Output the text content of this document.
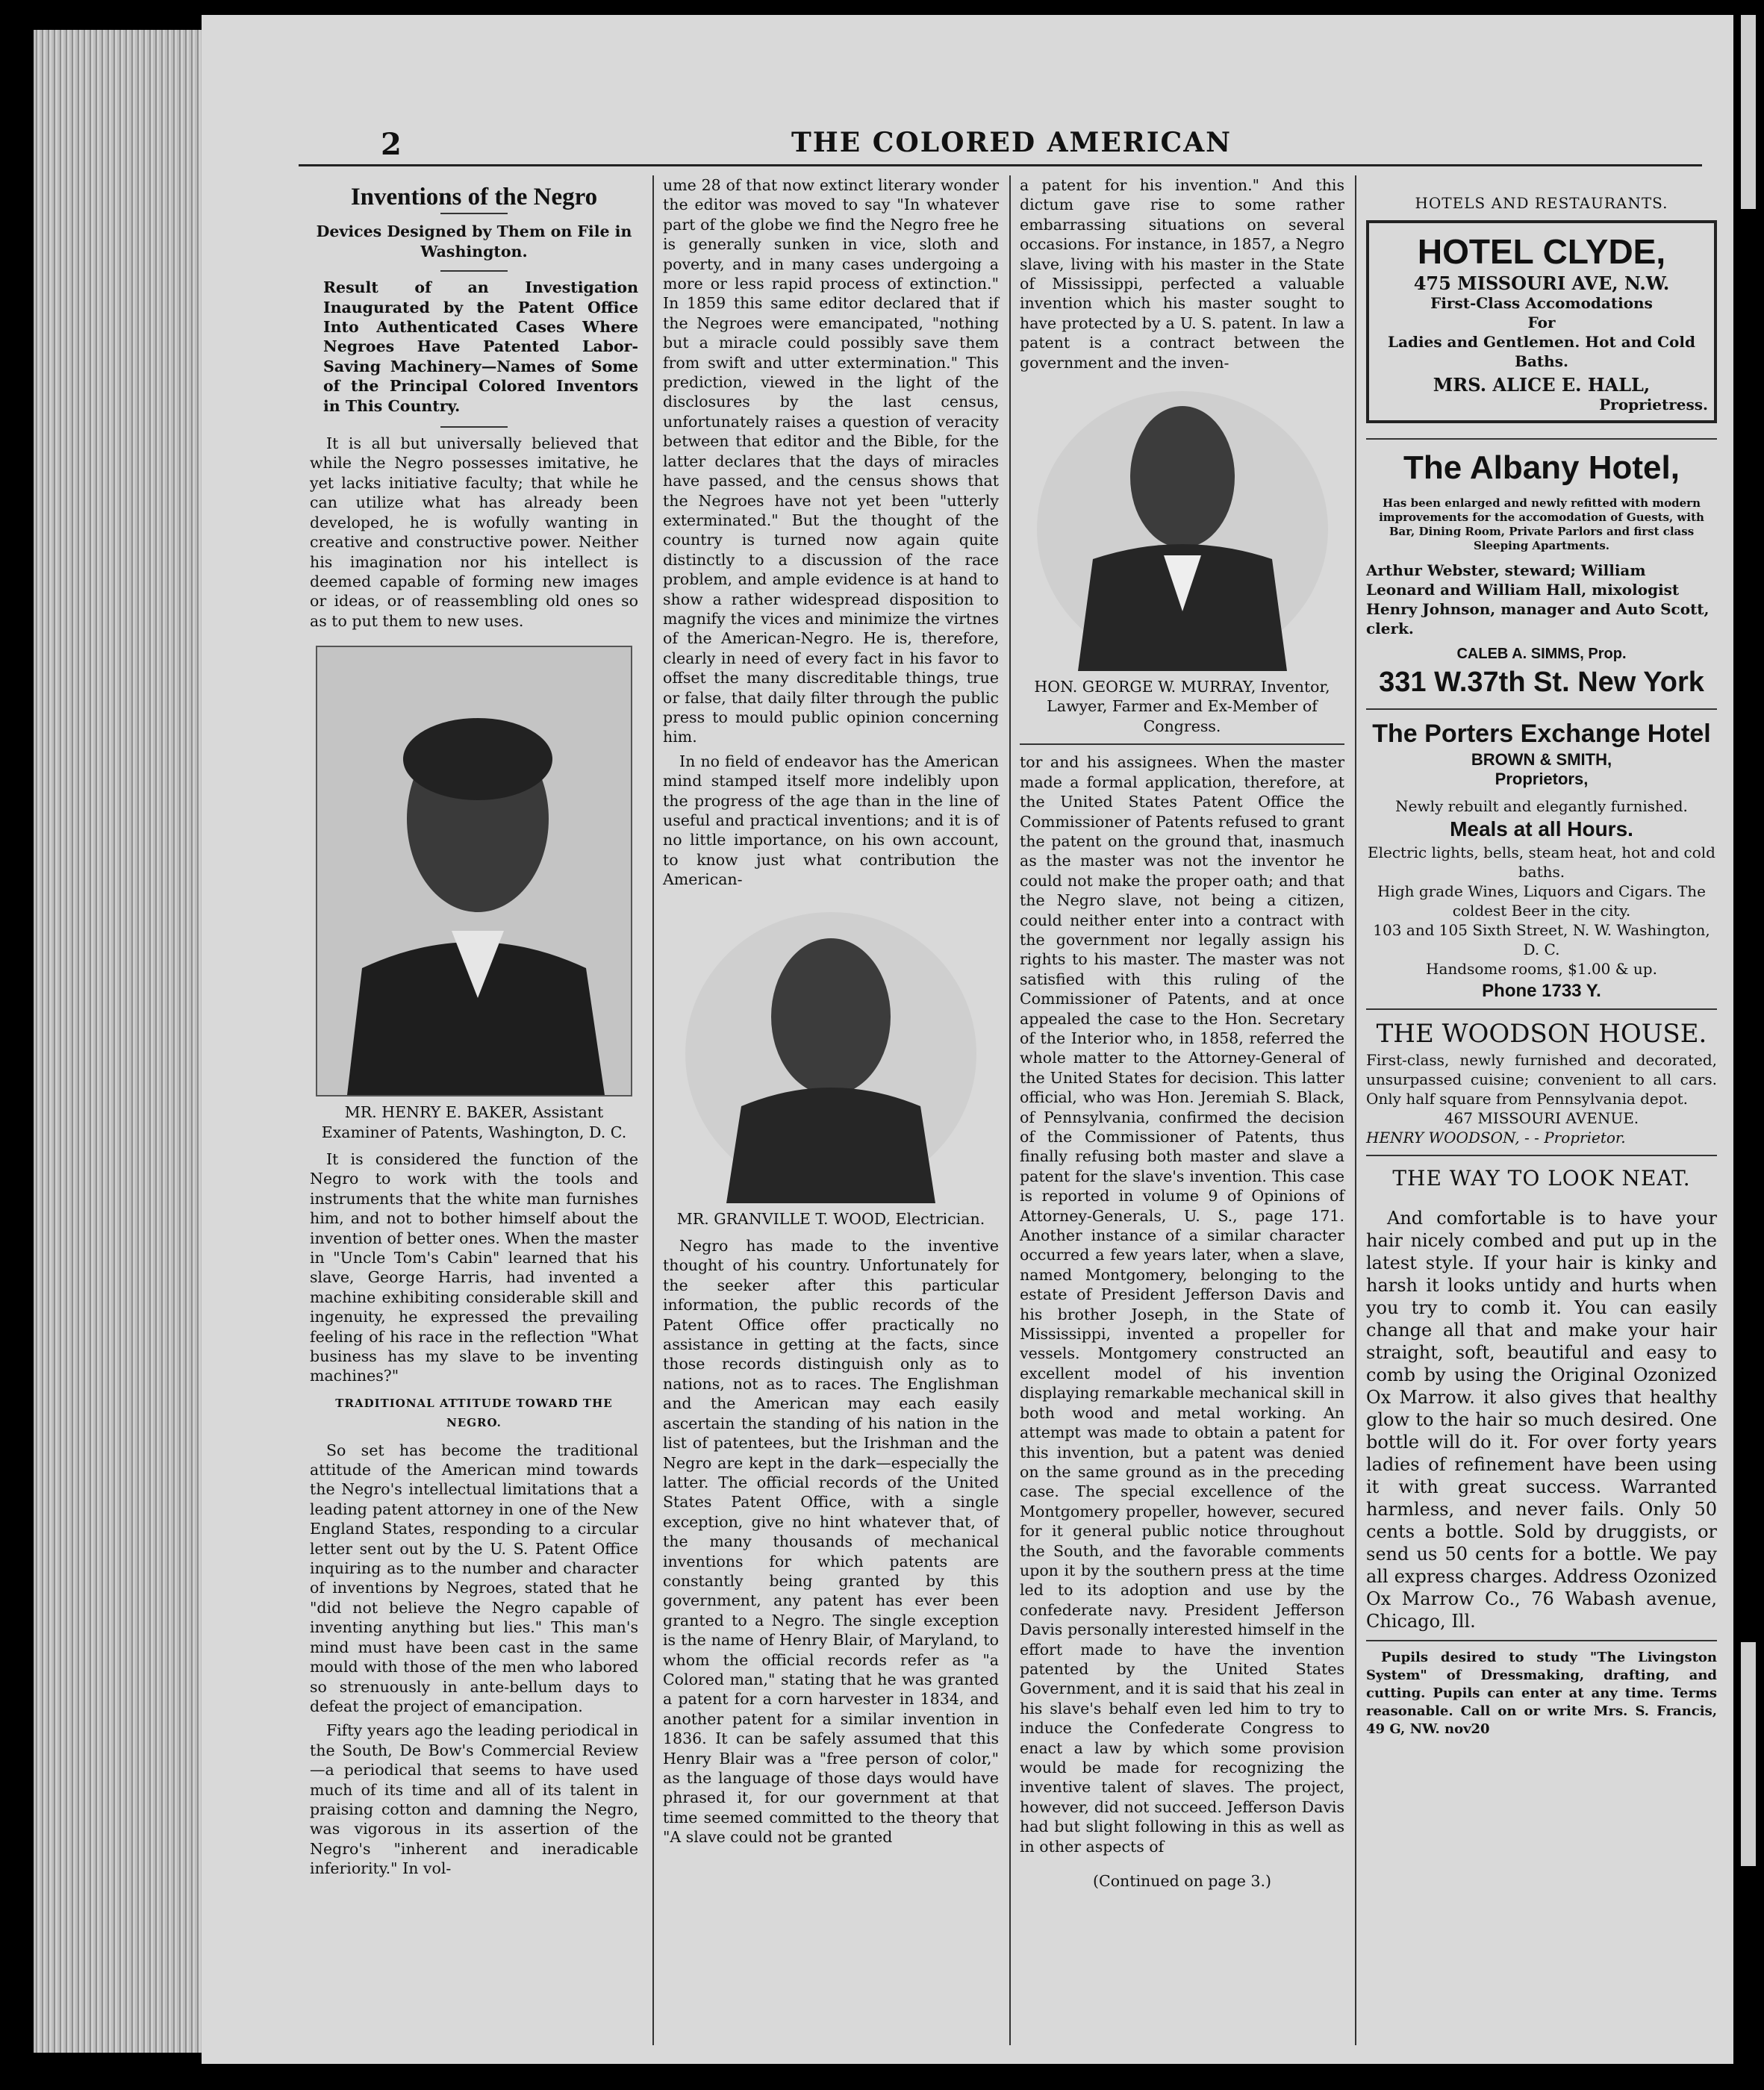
2	THE COLORED AMERICAN
Inventions of the Negro
Devices Designed by Them on File in Washington.

Result of an Investigation Inaugurated by the Patent Office Into Authenticated Cases Where Negroes Have Patented Labor-Saving Machinery—Names of Some of the Principal Colored Inventors in This Country.

It is all but universally believed that while the Negro possesses imitative, he yet lacks initiative faculty; that while he can utilize what has already been developed, he is wofully wanting in creative and constructive power. Neither his imagination nor his intellect is deemed capable of forming new images or ideas, or of reassembling old ones so as to put them to new uses.

MR. HENRY E. BAKER, Assistant Examiner of Patents, Washington, D. C.

It is considered the function of the Negro to work with the tools and instruments that the white man furnishes him, and not to bother himself about the invention of better ones. When the master in "Uncle Tom's Cabin" learned that his slave, George Harris, had invented a machine exhibiting considerable skill and ingenuity, he expressed the prevailing feeling of his race in the reflection "What business has my slave to be inventing machines?"

TRADITIONAL ATTITUDE TOWARD THE NEGRO.

So set has become the traditional attitude of the American mind towards the Negro's intellectual limitations that a leading patent attorney in one of the New England States, responding to a circular letter sent out by the U. S. Patent Office inquiring as to the number and character of inventions by Negroes, stated that he "did not believe the Negro capable of inventing anything but lies." This man's mind must have been cast in the same mould with those of the men who labored so strenuously in ante-bellum days to defeat the project of emancipation.

Fifty years ago the leading periodical in the South, De Bow's Commercial Review—a periodical that seems to have used much of its time and all of its talent in praising cotton and damning the Negro, was vigorous in its assertion of the Negro's "inherent and ineradicable inferiority." In vol-

ume 28 of that now extinct literary wonder the editor was moved to say "In whatever part of the globe we find the Negro free he is generally sunken in vice, sloth and poverty, and in many cases undergoing a more or less rapid process of extinction." In 1859 this same editor declared that if the Negroes were emancipated, "nothing but a miracle could possibly save them from swift and utter extermination." This prediction, viewed in the light of the disclosures by the last census, unfortunately raises a question of veracity between that editor and the Bible, for the latter declares that the days of miracles have passed, and the census shows that the Negroes have not yet been "utterly exterminated." But the thought of the country is turned now again quite distinctly to a discussion of the race problem, and ample evidence is at hand to show a rather widespread disposition to magnify the vices and minimize the virtnes of the American-Negro. He is, therefore, clearly in need of every fact in his favor to offset the many discreditable things, true or false, that daily filter through the public press to mould public opinion concerning him.

In no field of endeavor has the American mind stamped itself more indelibly upon the progress of the age than in the line of useful and practical inventions; and it is of no little importance, on his own account, to know just what contribution the American-

MR. GRANVILLE T. WOOD, Electrician.

Negro has made to the inventive thought of his country. Unfortunately for the seeker after this particular information, the public records of the Patent Office offer practically no assistance in getting at the facts, since those records distinguish only as to nations, not as to races. The Englishman and the American may each easily ascertain the standing of his nation in the list of patentees, but the Irishman and the Negro are kept in the dark—especially the latter. The official records of the United States Patent Office, with a single exception, give no hint whatever that, of the many thousands of mechanical inventions for which patents are constantly being granted by this government, any patent has ever been granted to a Negro. The single exception is the name of Henry Blair, of Maryland, to whom the official records refer as "a Colored man," stating that he was granted a patent for a corn harvester in 1834, and another patent for a similar invention in 1836. It can be safely assumed that this Henry Blair was a "free person of color," as the language of those days would have phrased it, for our government at that time seemed committed to the theory that "A slave could not be granted

a patent for his invention." And this dictum gave rise to some rather embarrassing situations on several occasions. For instance, in 1857, a Negro slave, living with his master in the State of Mississippi, perfected a valuable invention which his master sought to have protected by a U. S. patent. In law a patent is a contract between the government and the inven-

HON. GEORGE W. MURRAY, Inventor, Lawyer, Farmer and Ex-Member of Congress.

tor and his assignees. When the master made a formal application, therefore, at the United States Patent Office the Commissioner of Patents refused to grant the patent on the ground that, inasmuch as the master was not the inventor he could not make the proper oath; and that the Negro slave, not being a citizen, could neither enter into a contract with the government nor legally assign his rights to his master. The master was not satisfied with this ruling of the Commissioner of Patents, and at once appealed the case to the Hon. Secretary of the Interior who, in 1858, referred the whole matter to the Attorney-General of the United States for decision. This latter official, who was Hon. Jeremiah S. Black, of Pennsylvania, confirmed the decision of the Commissioner of Patents, thus finally refusing both master and slave a patent for the slave's invention. This case is reported in volume 9 of Opinions of Attorney-Generals, U. S., page 171. Another instance of a similar character occurred a few years later, when a slave, named Montgomery, belonging to the estate of President Jefferson Davis and his brother Joseph, in the State of Mississippi, invented a propeller for vessels. Montgomery constructed an excellent model of his invention displaying remarkable mechanical skill in both wood and metal working. An attempt was made to obtain a patent for this invention, but a patent was denied on the same ground as in the preceding case. The special excellence of the Montgomery propeller, however, secured for it general public notice throughout the South, and the favorable comments upon it by the southern press at the time led to its adoption and use by the confederate navy. President Jefferson Davis personally interested himself in the effort made to have the invention patented by the United States Government, and it is said that his zeal in his slave's behalf even led him to try to induce the Confederate Congress to enact a law by which some provision would be made for recognizing the inventive talent of slaves. The project, however, did not succeed. Jefferson Davis had but slight following in this as well as in other aspects of

(Continued on page 3.)
HOTELS AND RESTAURANTS.
HOTEL CLYDE,
475 MISSOURI AVE, N.W.
First-Class Accomodations
For
Ladies and Gentlemen. Hot and Cold Baths.
MRS. ALICE E. HALL,
Proprietress.
The Albany Hotel,
Has been enlarged and newly refitted with modern improvements for the accomodation of Guests, with Bar, Dining Room, Private Parlors and first class Sleeping Apartments.
Arthur Webster, steward; William Leonard and William Hall, mixologist Henry Johnson, manager and Auto Scott, clerk.
CALEB A. SIMMS, Prop.
331 W.37th St. New York
The Porters Exchange Hotel
BROWN & SMITH,
Proprietors,
Newly rebuilt and elegantly furnished.
Meals at all Hours.
Electric lights, bells, steam heat, hot and cold baths.
High grade Wines, Liquors and Cigars. The coldest Beer in the city.
103 and 105 Sixth Street, N. W. Washington, D. C.
Handsome rooms, $1.00 & up.
Phone 1733 Y.
THE WOODSON HOUSE.
First-class, newly furnished and decorated, unsurpassed cuisine; convenient to all cars. Only half square from Pennsylvania depot.
467 MISSOURI AVENUE.
HENRY WOODSON, - - Proprietor.
THE WAY TO LOOK NEAT.
And comfortable is to have your hair nicely combed and put up in the latest style. If your hair is kinky and harsh it looks untidy and hurts when you try to comb it. You can easily change all that and make your hair straight, soft, beautiful and easy to comb by using the Original Ozonized Ox Marrow. it also gives that healthy glow to the hair so much desired. One bottle will do it. For over forty years ladies of refinement have been using it with great success. Warranted harmless, and never fails. Only 50 cents a bottle. Sold by druggists, or send us 50 cents for a bottle. We pay all express charges. Address Ozonized Ox Marrow Co., 76 Wabash avenue, Chicago, Ill.
Pupils desired to study "The Livingston System" of Dressmaking, drafting, and cutting. Pupils can enter at any time. Terms reasonable. Call on or write Mrs. S. Francis, 49 G, NW. nov20
